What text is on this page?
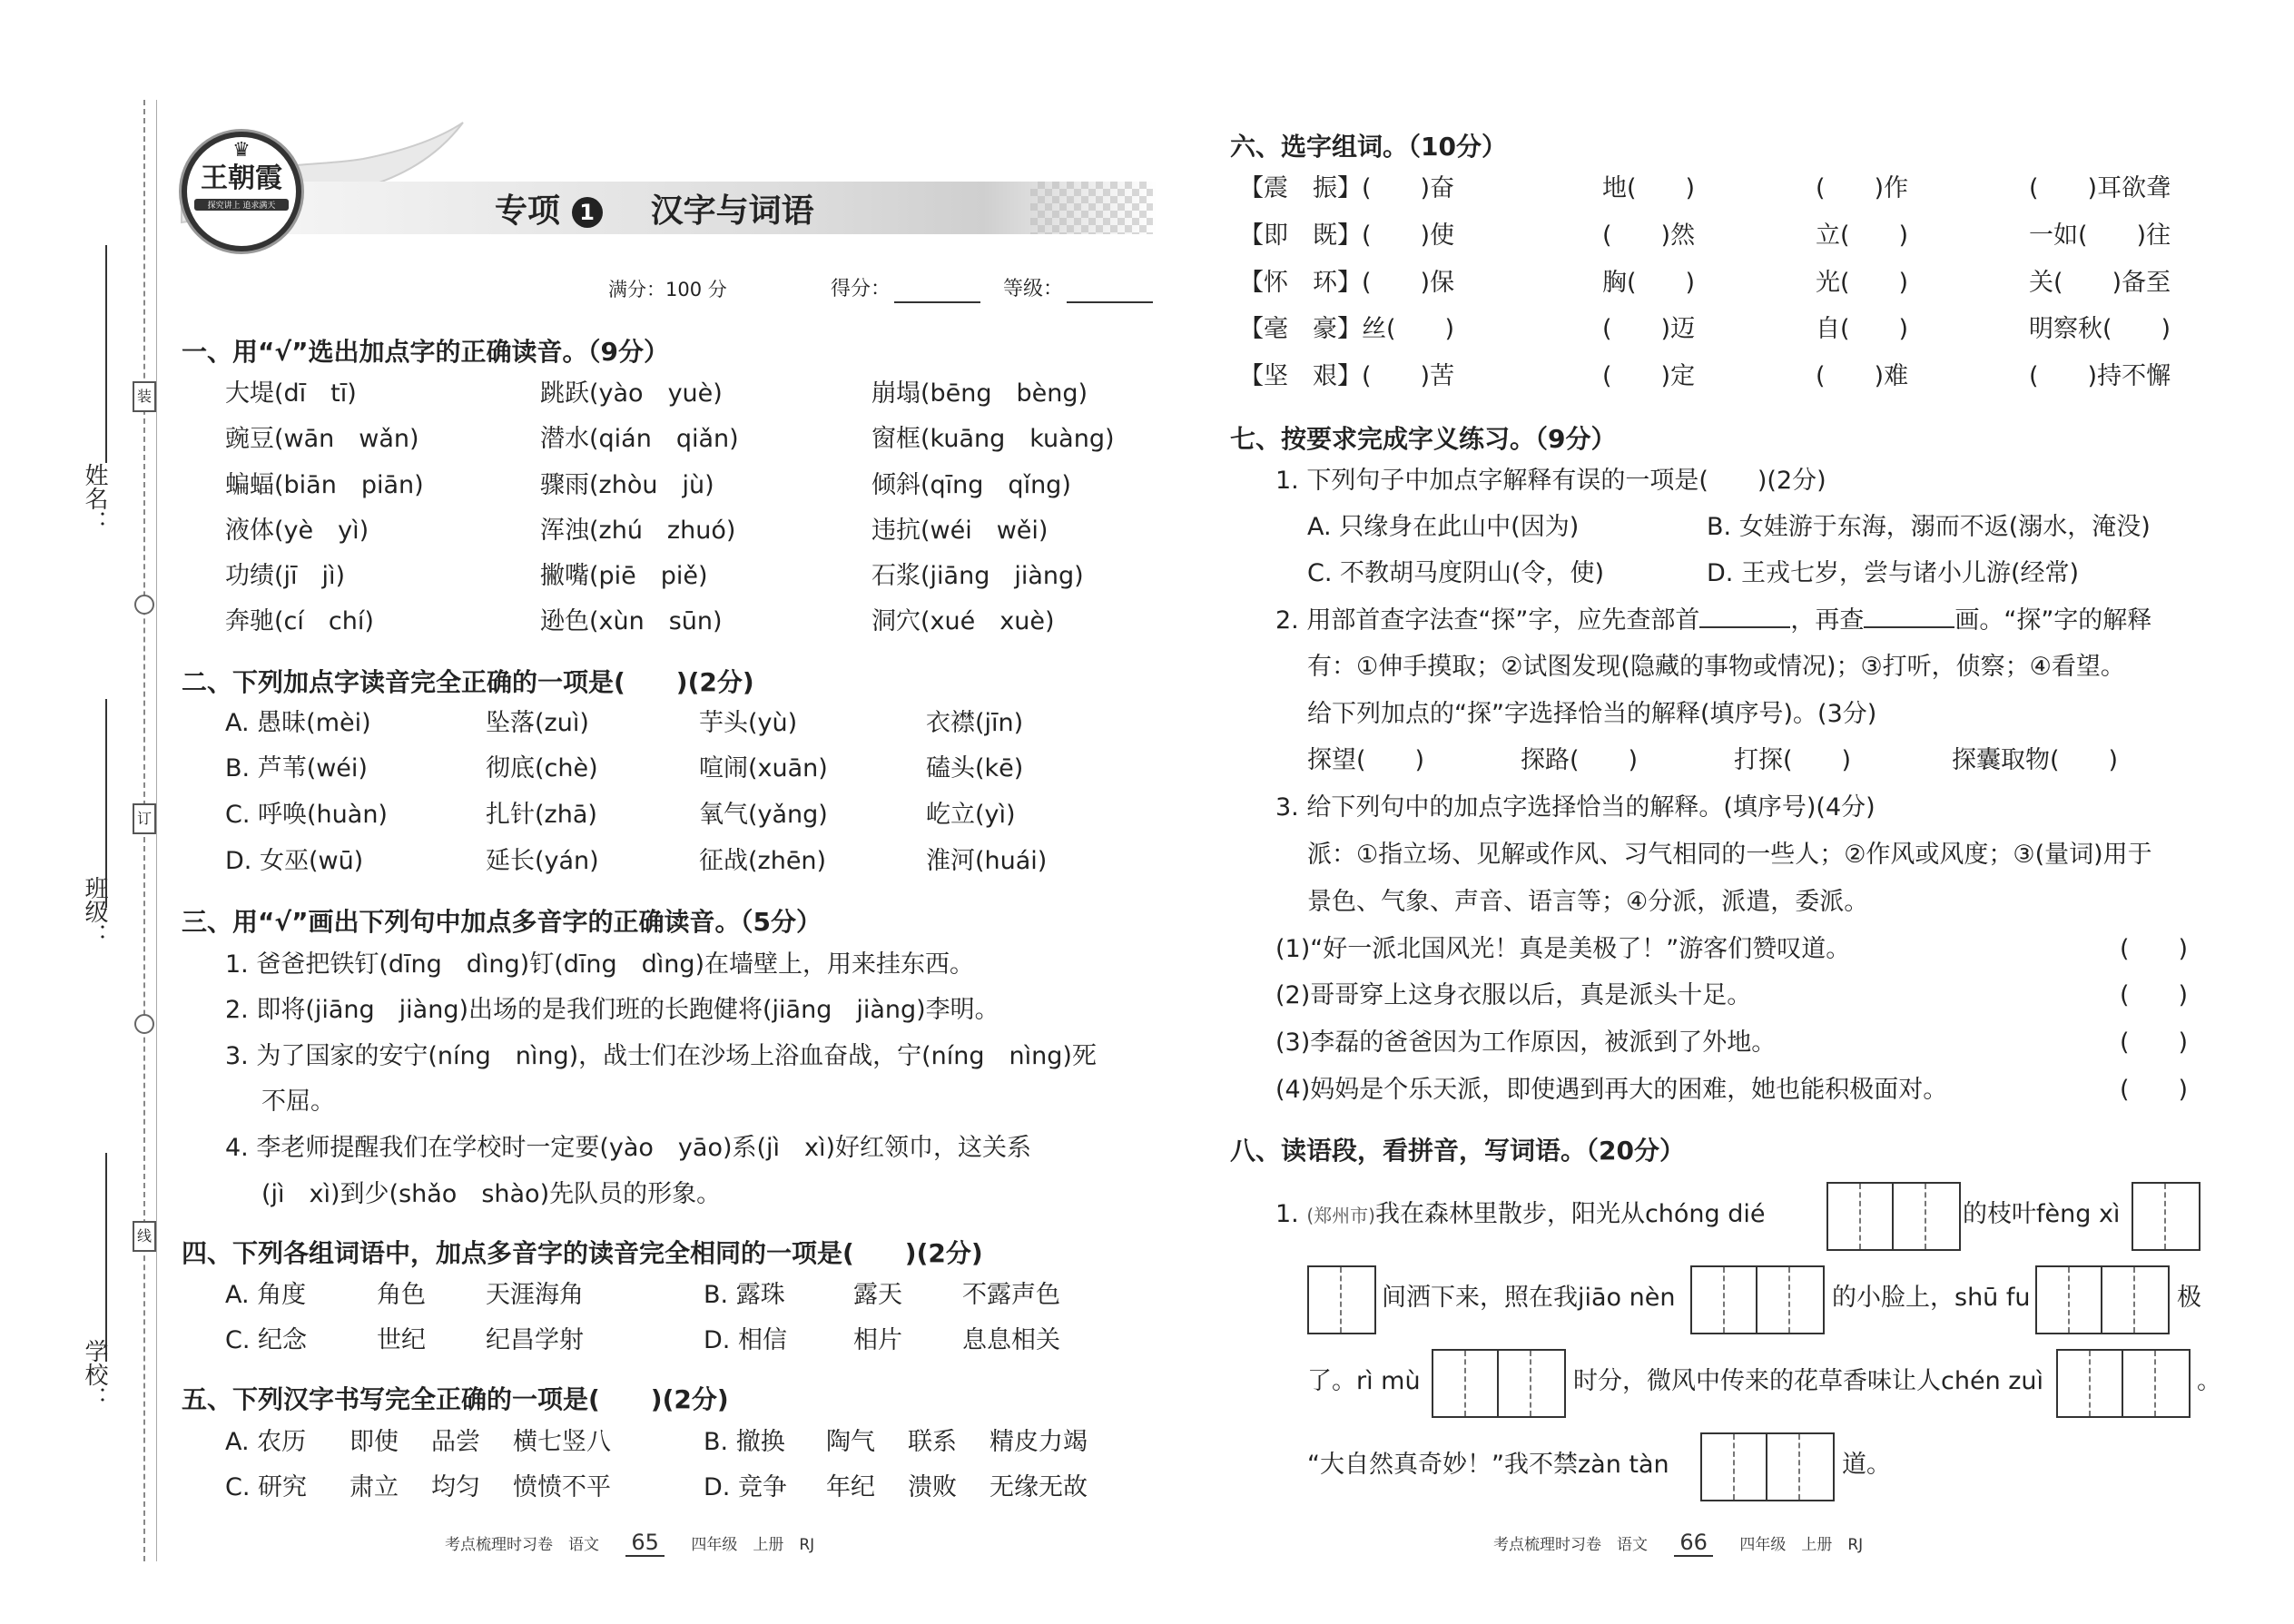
姓名：
班级：
学校：
装
订
线
♛
王朝霞
探究讲上 追求满天	专项 1 汉字与词语
满分：100 分	得分：	等级：
一、用“√”选出加点字的正确读音。（9分）
大堤(dī　tī)	跳跃(yào　yuè)	崩塌(bēng　bèng)
豌豆(wān　wǎn)	潜水(qián　qiǎn)	窗框(kuāng　kuàng)
蝙蝠(biān　piān)	骤雨(zhòu　jù)	倾斜(qīng　qǐng)
液体(yè　yì)	浑浊(zhú　zhuó)	违抗(wéi　wěi)
功绩(jī　jì)	撇嘴(piē　piě)	石浆(jiāng　jiàng)
奔驰(cí　chí)	逊色(xùn　sūn)	洞穴(xué　xuè)
二、下列加点字读音完全正确的一项是(　　)(2分)
A. 愚昧(mèi)	坠落(zuì)	芋头(yù)	衣襟(jīn)
B. 芦苇(wéi)	彻底(chè)	喧闹(xuān)	磕头(kē)
C. 呼唤(huàn)	扎针(zhā)	氧气(yǎng)	屹立(yì)
D. 女巫(wū)	延长(yán)	征战(zhēn)	淮河(huái)
三、用“√”画出下列句中加点多音字的正确读音。（5分）
1. 爸爸把铁钉(dīng　dìng)钉(dīng　dìng)在墙壁上，用来挂东西。
2. 即将(jiāng　jiàng)出场的是我们班的长跑健将(jiāng　jiàng)李明。
3. 为了国家的安宁(níng　nìng)，战士们在沙场上浴血奋战，宁(níng　nìng)死
不屈。
4. 李老师提醒我们在学校时一定要(yào　yāo)系(jì　xì)好红领巾，这关系
(jì　xì)到少(shǎo　shào)先队员的形象。
四、下列各组词语中，加点多音字的读音完全相同的一项是(　　)(2分)
A. 角度	角色 天涯海角	B. 露珠	露天 不露声色
C. 纪念	世纪 纪昌学射	D. 相信	相片 息息相关
五、下列汉字书写完全正确的一项是(　　)(2分)
A. 农历 即使 品尝 横七竖八	B. 撤换 陶气 联系 精皮力竭
C. 研究 肃立 均匀 愤愤不平	D. 竞争 年纪 溃败 无缘无故
考点梳理时习卷　语文 65 四年级　上册　RJ
六、选字组词。（10分）
【震　振】(　　)奋	地(　　)	(　　)作	(　　)耳欲聋
【即　既】(　　)使	(　　)然	立(　　)	一如(　　)往
【怀　环】(　　)保	胸(　　)	光(　　)	关(　　)备至
【毫　豪】丝(　　)	(　　)迈	自(　　)	明察秋(　　)
【坚　艰】(　　)苦	(　　)定	(　　)难	(　　)持不懈
七、按要求完成字义练习。（9分）
1. 下列句子中加点字解释有误的一项是(　　)(2分)
A. 只缘身在此山中(因为)	B. 女娃游于东海，溺而不返(溺水，淹没)
C. 不教胡马度阴山(令，使)	D. 王戎七岁，尝与诸小儿游(经常)
2. 用部首查字法查“探”字，应先查部首	，再查	画。“探”字的解释
有：①伸手摸取；②试图发现(隐藏的事物或情况)；③打听，侦察；④看望。
给下列加点的“探”字选择恰当的解释(填序号)。(3分)
探望(　　)	探路(　　)	打探(　　)	探囊取物(　　)
3. 给下列句中的加点字选择恰当的解释。(填序号)(4分)
派：①指立场、见解或作风、习气相同的一些人；②作风或风度；③(量词)用于
景色、气象、声音、语言等；④分派，派遣，委派。
(1)“好一派北国风光！真是美极了！”游客们赞叹道。	(　　)
(2)哥哥穿上这身衣服以后，真是派头十足。	(　　)
(3)李磊的爸爸因为工作原因，被派到了外地。	(　　)
(4)妈妈是个乐天派，即使遇到再大的困难，她也能积极面对。	(　　)
八、读语段，看拼音，写词语。（20分）
1. (郑州市)我在森林里散步，阳光从chóng dié	的枝叶fèng xì
间洒下来，照在我jiāo nèn	的小脸上，shū fu	极
了。rì mù	时分，微风中传来的花草香味让人chén zuì	。
“大自然真奇妙！”我不禁zàn tàn	道。
考点梳理时习卷　语文 66 四年级　上册　RJ
